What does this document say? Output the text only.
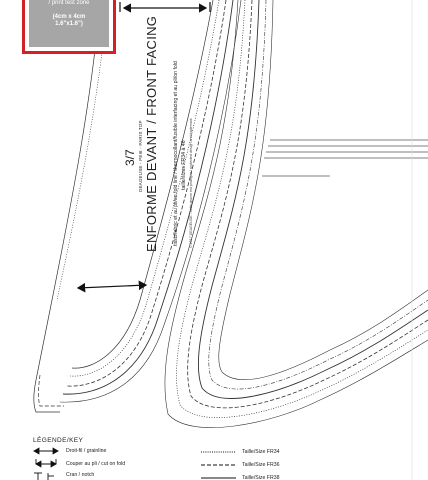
/ print test zone
(4cm x 4cm
1.6"x1.6")
3/7 DEAGEUSE - PEI6 - PARIS TOP ENFORME DEVANT / FRONT FACING	tissu/fabric et au pli/on fold line / thermocollant/fusible interfacing et au pli/on fold taille/sizes FR34 à 46 © 2017 DEAGEUSE - cette œuvre est protégée / protected design and trademark
LÉGENDE/KEY
Droit-fil / grainline
Couper au pli / cut on fold
Cran / notch
Taille/Size FR34
Taille/Size FR36
Taille/Size FR38
